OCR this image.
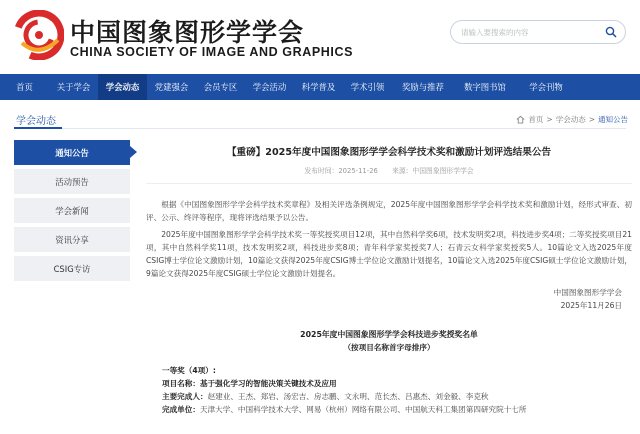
中国图象图形学学会
CHINA SOCIETY OF IMAGE AND GRAPHICS
请输入要搜索的内容
首页	关于学会	学会动态	党建强会	会员专区	学会活动	科学普及	学术引领	奖励与推荐	数字图书馆	学会刊物
学会动态	首页 > 学会动态 > 通知公告
通知公告
活动预告
学会新闻
资讯分享
CSIG专访
【重磅】2025年度中国图象图形学学会科学技术奖和激励计划评选结果公告
发布时间：2025-11-26 来源：中国图象图形学学会

根据《中国图象图形学学会科学技术奖章程》及相关评选条例规定，2025年度中国图象图形学学会科学技术奖和激励计划，经形式审查、初评、公示、终评等程序，现将评选结果予以公告。

2025年度中国图象图形学学会科学技术奖一等奖授奖项目12项，其中自然科学奖6项，技术发明奖2项，科技进步奖4项；二等奖授奖项目21项，其中自然科学奖11项，技术发明奖2项，科技进步奖8项；青年科学家奖授奖7人；石青云女科学家奖授奖5人。10篇论文入选2025年度CSIG博士学位论文激励计划，10篇论文获得2025年度CSIG博士学位论文激励计划提名，10篇论文入选2025年度CSIG硕士学位论文激励计划，9篇论文获得2025年度CSIG硕士学位论文激励计划提名。

中国图象图形学学会
2025年11月26日
2025年度中国图象图形学学会科技进步奖授奖名单
（按项目名称首字母排序）
一等奖（4项）:
项目名称：基于强化学习的智能决策关键技术及应用
主要完成人：赵建业、王杰、郑岩、汤宏吉、房志鹏、文永明、范长杰、吕惠杰、刘金毅、李克秋
完成单位：天津大学、中国科学技术大学、网易（杭州）网络有限公司、中国航天科工集团第四研究院十七所
